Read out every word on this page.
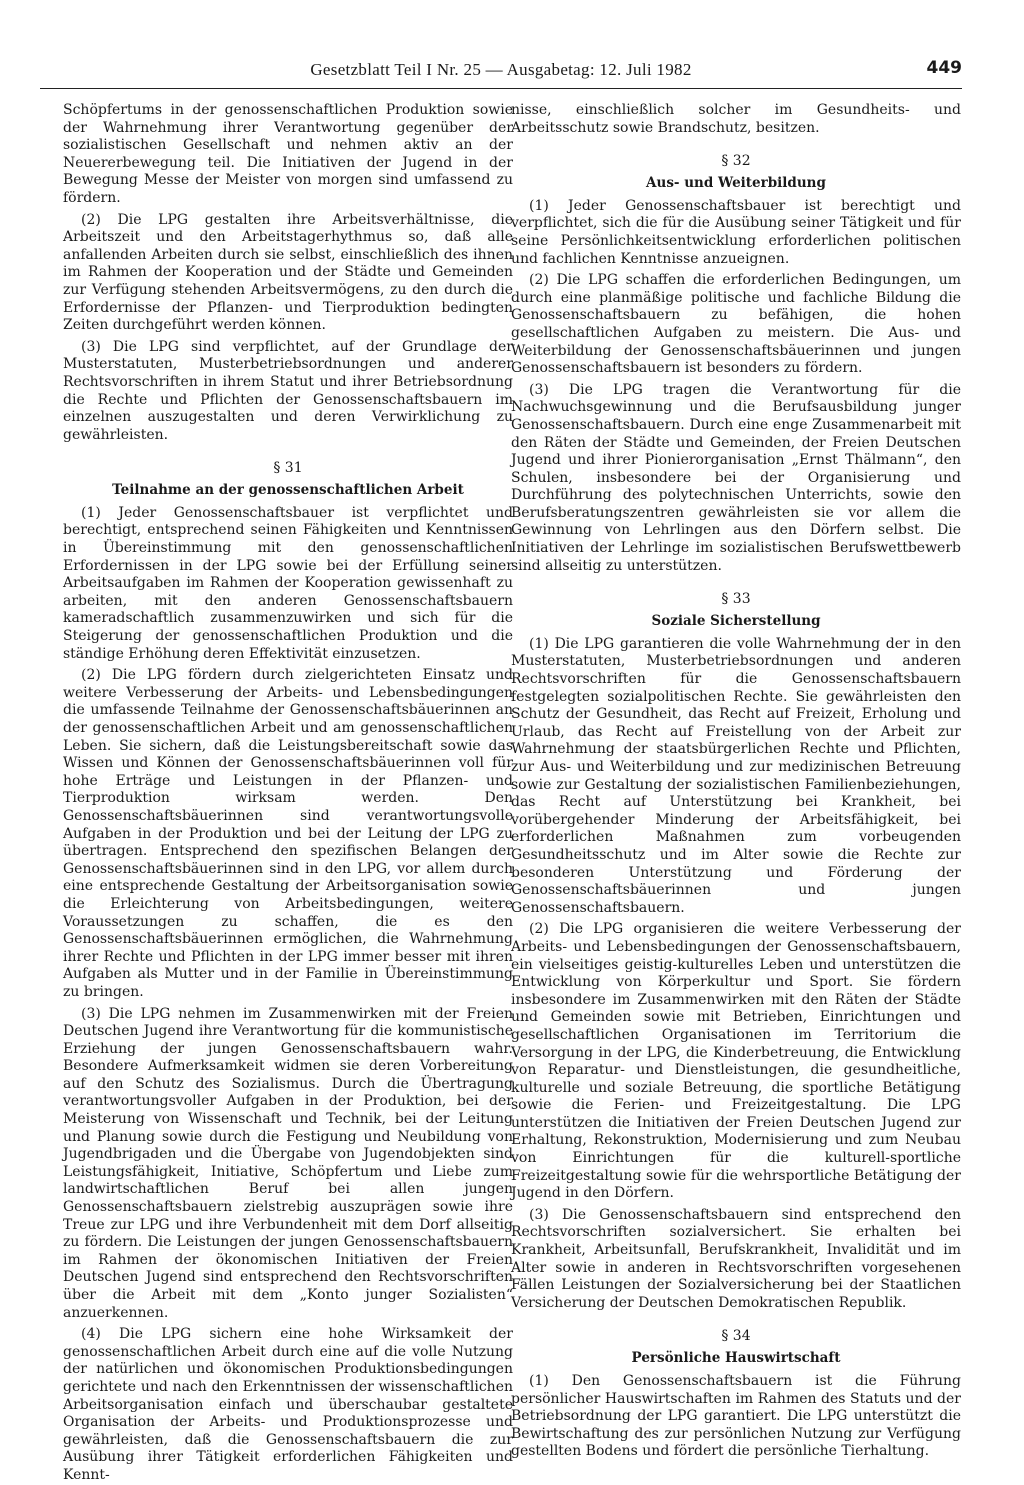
Gesetzblatt Teil I Nr. 25 — Ausgabetag: 12. Juli 1982	449

Schöpfertums in der genossenschaftlichen Produktion sowie der Wahrnehmung ihrer Verantwortung gegenüber der sozialistischen Gesellschaft und nehmen aktiv an der Neuererbewegung teil. Die Initiativen der Jugend in der Bewegung Messe der Meister von morgen sind umfassend zu fördern.

(2) Die LPG gestalten ihre Arbeitsverhältnisse, die Arbeitszeit und den Arbeitstagerhythmus so, daß alle anfallenden Arbeiten durch sie selbst, einschließlich des ihnen im Rahmen der Kooperation und der Städte und Gemeinden zur Verfügung stehenden Arbeitsvermögens, zu den durch die Erfordernisse der Pflanzen- und Tierproduktion bedingten Zeiten durchgeführt werden können.

(3) Die LPG sind verpflichtet, auf der Grundlage der Musterstatuten, Musterbetriebsordnungen und anderer Rechtsvorschriften in ihrem Statut und ihrer Betriebsordnung die Rechte und Pflichten der Genossenschaftsbauern im einzelnen auszugestalten und deren Verwirklichung zu gewährleisten.

§ 31
Teilnahme an der genossenschaftlichen Arbeit

(1) Jeder Genossenschaftsbauer ist verpflichtet und berechtigt, entsprechend seinen Fähigkeiten und Kenntnissen in Übereinstimmung mit den genossenschaftlichen Erfordernissen in der LPG sowie bei der Erfüllung seiner Arbeitsaufgaben im Rahmen der Kooperation gewissenhaft zu arbeiten, mit den anderen Genossenschaftsbauern kameradschaftlich zusammenzuwirken und sich für die Steigerung der genossenschaftlichen Produktion und die ständige Erhöhung deren Effektivität einzusetzen.

(2) Die LPG fördern durch zielgerichteten Einsatz und weitere Verbesserung der Arbeits- und Lebensbedingungen die umfassende Teilnahme der Genossenschaftsbäuerinnen an der genossenschaftlichen Arbeit und am genossenschaftlichen Leben. Sie sichern, daß die Leistungsbereitschaft sowie das Wissen und Können der Genossenschaftsbäuerinnen voll für hohe Erträge und Leistungen in der Pflanzen- und Tierproduktion wirksam werden. Den Genossenschaftsbäuerinnen sind verantwortungsvolle Aufgaben in der Produktion und bei der Leitung der LPG zu übertragen. Entsprechend den spezifischen Belangen der Genossenschaftsbäuerinnen sind in den LPG, vor allem durch eine entsprechende Gestaltung der Arbeitsorganisation sowie die Erleichterung von Arbeitsbedingungen, weitere Voraussetzungen zu schaffen, die es den Genossenschaftsbäuerinnen ermöglichen, die Wahrnehmung ihrer Rechte und Pflichten in der LPG immer besser mit ihren Aufgaben als Mutter und in der Familie in Übereinstimmung zu bringen.

(3) Die LPG nehmen im Zusammenwirken mit der Freien Deutschen Jugend ihre Verantwortung für die kommunistische Erziehung der jungen Genossenschaftsbauern wahr. Besondere Aufmerksamkeit widmen sie deren Vorbereitung auf den Schutz des Sozialismus. Durch die Übertragung verantwortungsvoller Aufgaben in der Produktion, bei der Meisterung von Wissenschaft und Technik, bei der Leitung und Planung sowie durch die Festigung und Neubildung von Jugendbrigaden und die Übergabe von Jugendobjekten sind Leistungsfähigkeit, Initiative, Schöpfertum und Liebe zum landwirtschaftlichen Beruf bei allen jungen Genossenschaftsbauern zielstrebig auszuprägen sowie ihre Treue zur LPG und ihre Verbundenheit mit dem Dorf allseitig zu fördern. Die Leistungen der jungen Genossenschaftsbauern im Rahmen der ökonomischen Initiativen der Freien Deutschen Jugend sind entsprechend den Rechtsvorschriften über die Arbeit mit dem „Konto junger Sozialisten“ anzuerkennen.

(4) Die LPG sichern eine hohe Wirksamkeit der genossenschaftlichen Arbeit durch eine auf die volle Nutzung der natürlichen und ökonomischen Produktionsbedingungen gerichtete und nach den Erkenntnissen der wissenschaftlichen Arbeitsorganisation einfach und überschaubar gestaltete Organisation der Arbeits- und Produktionsprozesse und gewährleisten, daß die Genossenschaftsbauern die zur Ausübung ihrer Tätigkeit erforderlichen Fähigkeiten und Kennt-

nisse, einschließlich solcher im Gesundheits- und Arbeitsschutz sowie Brandschutz, besitzen.

§ 32
Aus- und Weiterbildung

(1) Jeder Genossenschaftsbauer ist berechtigt und verpflichtet, sich die für die Ausübung seiner Tätigkeit und für seine Persönlichkeitsentwicklung erforderlichen politischen und fachlichen Kenntnisse anzueignen.

(2) Die LPG schaffen die erforderlichen Bedingungen, um durch eine planmäßige politische und fachliche Bildung die Genossenschaftsbauern zu befähigen, die hohen gesellschaftlichen Aufgaben zu meistern. Die Aus- und Weiterbildung der Genossenschaftsbäuerinnen und jungen Genossenschaftsbauern ist besonders zu fördern.

(3) Die LPG tragen die Verantwortung für die Nachwuchsgewinnung und die Berufsausbildung junger Genossenschaftsbauern. Durch eine enge Zusammenarbeit mit den Räten der Städte und Gemeinden, der Freien Deutschen Jugend und ihrer Pionierorganisation „Ernst Thälmann“, den Schulen, insbesondere bei der Organisierung und Durchführung des polytechnischen Unterrichts, sowie den Berufsberatungszentren gewährleisten sie vor allem die Gewinnung von Lehrlingen aus den Dörfern selbst. Die Initiativen der Lehrlinge im sozialistischen Berufswettbewerb sind allseitig zu unterstützen.

§ 33
Soziale Sicherstellung

(1) Die LPG garantieren die volle Wahrnehmung der in den Musterstatuten, Musterbetriebsordnungen und anderen Rechtsvorschriften für die Genossenschaftsbauern festgelegten sozialpolitischen Rechte. Sie gewährleisten den Schutz der Gesundheit, das Recht auf Freizeit, Erholung und Urlaub, das Recht auf Freistellung von der Arbeit zur Wahrnehmung der staatsbürgerlichen Rechte und Pflichten, zur Aus- und Weiterbildung und zur medizinischen Betreuung sowie zur Gestaltung der sozialistischen Familienbeziehungen, das Recht auf Unterstützung bei Krankheit, bei vorübergehender Minderung der Arbeitsfähigkeit, bei erforderlichen Maßnahmen zum vorbeugenden Gesundheitsschutz und im Alter sowie die Rechte zur besonderen Unterstützung und Förderung der Genossenschaftsbäuerinnen und jungen Genossenschaftsbauern.

(2) Die LPG organisieren die weitere Verbesserung der Arbeits- und Lebensbedingungen der Genossenschaftsbauern, ein vielseitiges geistig-kulturelles Leben und unterstützen die Entwicklung von Körperkultur und Sport. Sie fördern insbesondere im Zusammenwirken mit den Räten der Städte und Gemeinden sowie mit Betrieben, Einrichtungen und gesellschaftlichen Organisationen im Territorium die Versorgung in der LPG, die Kinderbetreuung, die Entwicklung von Reparatur- und Dienstleistungen, die gesundheitliche, kulturelle und soziale Betreuung, die sportliche Betätigung sowie die Ferien- und Freizeitgestaltung. Die LPG unterstützen die Initiativen der Freien Deutschen Jugend zur Erhaltung, Rekonstruktion, Modernisierung und zum Neubau von Einrichtungen für die kulturell-sportliche Freizeitgestaltung sowie für die wehrsportliche Betätigung der Jugend in den Dörfern.

(3) Die Genossenschaftsbauern sind entsprechend den Rechtsvorschriften sozialversichert. Sie erhalten bei Krankheit, Arbeitsunfall, Berufskrankheit, Invalidität und im Alter sowie in anderen in Rechtsvorschriften vorgesehenen Fällen Leistungen der Sozialversicherung bei der Staatlichen Versicherung der Deutschen Demokratischen Republik.

§ 34
Persönliche Hauswirtschaft

(1) Den Genossenschaftsbauern ist die Führung persönlicher Hauswirtschaften im Rahmen des Statuts und der Betriebsordnung der LPG garantiert. Die LPG unterstützt die Bewirtschaftung des zur persönlichen Nutzung zur Verfügung gestellten Bodens und fördert die persönliche Tierhaltung.
